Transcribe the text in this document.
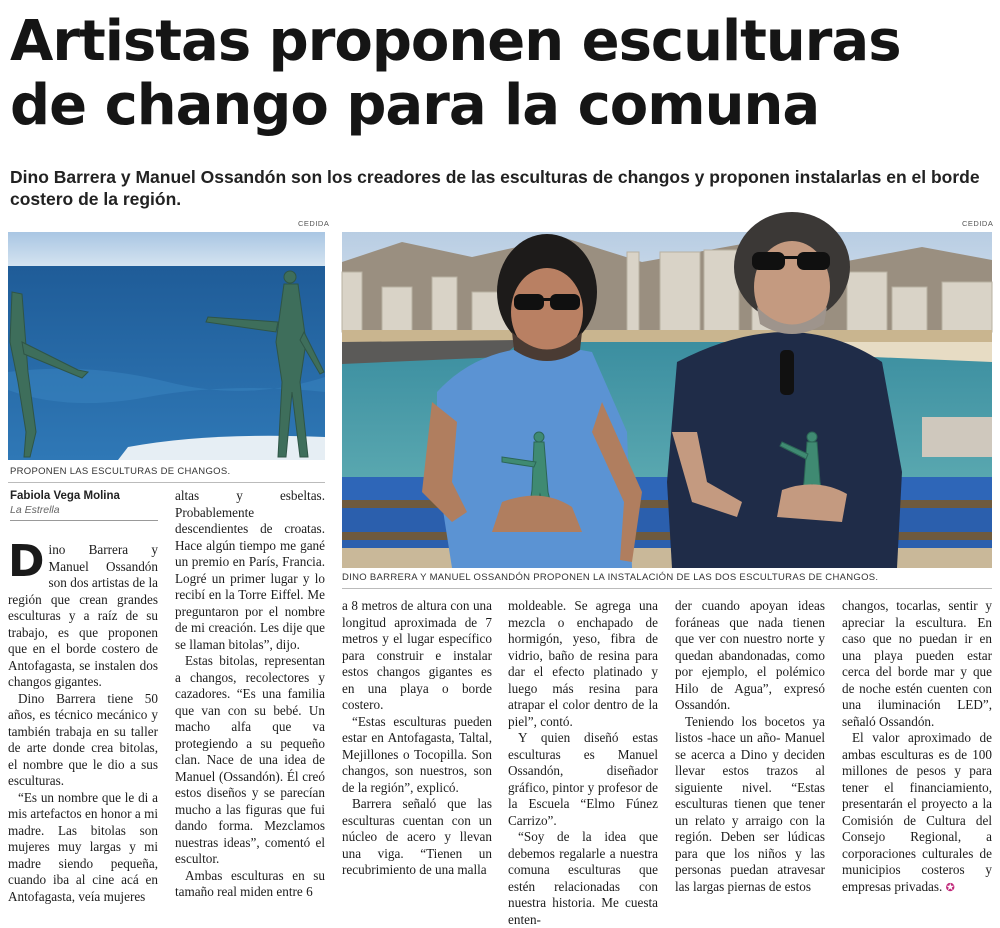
Artistas proponen esculturas de chango para la comuna

Dino Barrera y Manuel Ossandón son los creadores de las esculturas de changos y proponen instalarlas en el borde costero de la región.

CEDIDA
PROPONEN LAS ESCULTURAS DE CHANGOS.
CEDIDA
DINO BARRERA Y MANUEL OSSANDÓN PROPONEN LA INSTALACIÓN DE LAS DOS ESCULTURAS DE CHANGOS.
Fabiola Vega Molina
La Estrella

Dino Barrera y Manuel Ossandón son dos artistas de la región que crean grandes esculturas y a raíz de su trabajo, es que proponen que en el borde costero de Antofagasta, se instalen dos changos gigantes.

Dino Barrera tiene 50 años, es técnico mecánico y también trabaja en su taller de arte donde crea bitolas, el nombre que le dio a sus esculturas.

“Es un nombre que le di a mis artefactos en honor a mi madre. Las bitolas son mujeres muy largas y mi madre siendo pequeña, cuando iba al cine acá en Antofagasta, veía mujeres

altas y esbeltas. Probablemente descendientes de croatas. Hace algún tiempo me gané un premio en París, Francia. Logré un primer lugar y lo recibí en la Torre Eiffel. Me preguntaron por el nombre de mi creación. Les dije que se llaman bitolas”, dijo.

Estas bitolas, representan a changos, recolectores y cazadores. “Es una familia que van con su bebé. Un macho alfa que va protegiendo a su pequeño clan. Nace de una idea de Manuel (Ossandón). Él creó estos diseños y se parecían mucho a las figuras que fui dando forma. Mezclamos nuestras ideas”, comentó el escultor.

Ambas esculturas en su tamaño real miden entre 6

a 8 metros de altura con una longitud aproximada de 7 metros y el lugar específico para construir e instalar estos changos gigantes es en una playa o borde costero.

“Estas esculturas pueden estar en Antofagasta, Taltal, Mejillones o Tocopilla. Son changos, son nuestros, son de la región”, explicó.

Barrera señaló que las esculturas cuentan con un núcleo de acero y llevan una viga. “Tienen un recubrimiento de una malla

moldeable. Se agrega una mezcla o enchapado de hormigón, yeso, fibra de vidrio, baño de resina para dar el efecto platinado y luego más resina para atrapar el color dentro de la piel”, contó.

Y quien diseñó estas esculturas es Manuel Ossandón, diseñador gráfico, pintor y profesor de la Escuela “Elmo Fúnez Carrizo”.

“Soy de la idea que debemos regalarle a nuestra comuna esculturas que estén relacionadas con nuestra historia. Me cuesta enten-

der cuando apoyan ideas foráneas que nada tienen que ver con nuestro norte y quedan abandonadas, como por ejemplo, el polémico Hilo de Agua”, expresó Ossandón.

Teniendo los bocetos ya listos -hace un año- Manuel se acerca a Dino y deciden llevar estos trazos al siguiente nivel. “Estas esculturas tienen que tener un relato y arraigo con la región. Deben ser lúdicas para que los niños y las personas puedan atravesar las largas piernas de estos

changos, tocarlas, sentir y apreciar la escultura. En caso que no puedan ir en una playa pueden estar cerca del borde mar y que de noche estén cuenten con una iluminación LED”, señaló Ossandón.

El valor aproximado de ambas esculturas es de 100 millones de pesos y para tener el financiamiento, presentarán el proyecto a la Comisión de Cultura del Consejo Regional, a corporaciones culturales de municipios costeros y empresas privadas. ✪
